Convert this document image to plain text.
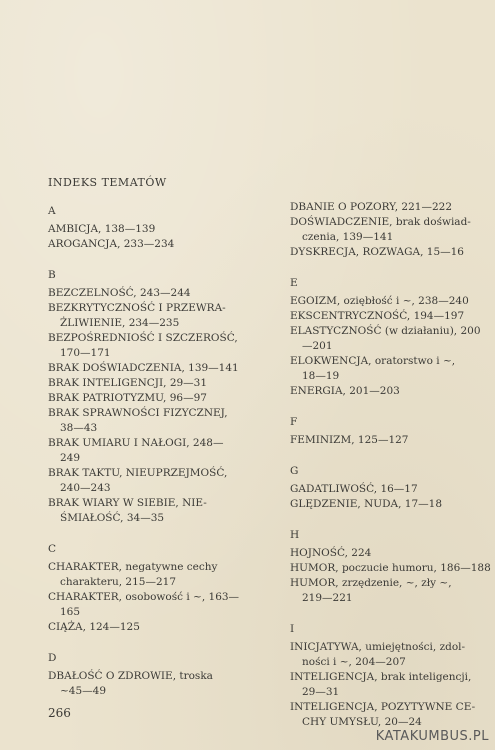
INDEKS TEMATÓW
A
AMBICJA, 138—139
AROGANCJA, 233—234
B
BEZCZELNOŚĆ, 243—244
BEZKRYTYCZNOŚĆ I PRZEWRA-
ŻLIWIENIE, 234—235
BEZPOŚREDNIOŚĆ I SZCZEROŚĆ,
170—171
BRAK DOŚWIADCZENIA, 139—141
BRAK INTELIGENCJI, 29—31
BRAK PATRIOTYZMU, 96—97
BRAK SPRAWNOŚCI FIZYCZNEJ,
38—43
BRAK UMIARU I NAŁOGI, 248—
249
BRAK TAKTU, NIEUPRZEJMOŚĆ,
240—243
BRAK WIARY W SIEBIE, NIE-
ŚMIAŁOŚĆ, 34—35
C
CHARAKTER, negatywne cechy
charakteru, 215—217
CHARAKTER, osobowość i ~, 163—
165
CIĄŻA, 124—125
D
DBAŁOŚĆ O ZDROWIE, troska
~45—49
DBANIE O POZORY, 221—222
DOŚWIADCZENIE, brak doświad-
czenia, 139—141
DYSKRECJA, ROZWAGA, 15—16
E
EGOIZM, oziębłość i ~, 238—240
EKSCENTRYCZNOŚĆ, 194—197
ELASTYCZNOŚĆ (w działaniu), 200
—201
ELOKWENCJA, oratorstwo i ~,
18—19
ENERGIA, 201—203
F
FEMINIZM, 125—127
G
GADATLIWOŚĆ, 16—17
GLĘDZENIE, NUDA, 17—18
H
HOJNOŚĆ, 224
HUMOR, poczucie humoru, 186—188
HUMOR, zrzędzenie, ~, zły ~,
219—221
I
INICJATYWA, umiejętności, zdol-
ności i ~, 204—207
INTELIGENCJA, brak inteligencji,
29—31
INTELIGENCJA, POZYTYWNE CE-
CHY UMYSŁU, 20—24
266
KATAKUMBUS.PL
